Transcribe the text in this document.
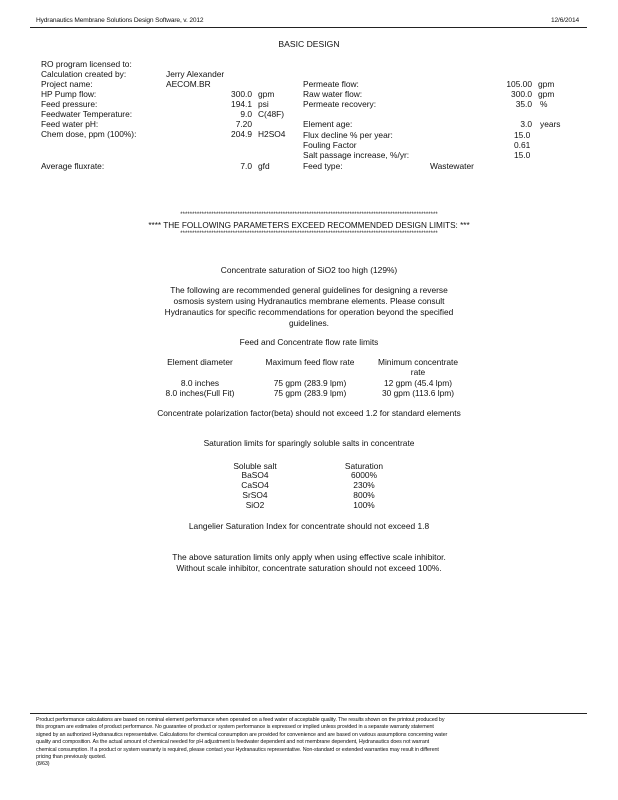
Hydranautics Membrane Solutions Design Software, v. 2012	12/6/2014
BASIC DESIGN
RO program licensed to:
Calculation created by:	Jerry Alexander
Project name:	AECOM.BR
HP Pump flow:	300.0 gpm
Feed pressure:	194.1 psi
Feedwater Temperature:	9.0 C(48F)
Feed water pH:	7.20
Chem dose, ppm (100%):	204.9 H2SO4
Average fluxrate:	7.0 gfd
Permeate flow:	105.00 gpm
Raw water flow:	300.0 gpm
Permeate recovery:	35.0 %
Element age:	3.0 years
Flux decline % per year:	15.0
Fouling Factor	0.61
Salt passage increase, %/yr:	15.0
Feed type:	Wastewater
************************************************************************************************************
**** THE FOLLOWING PARAMETERS EXCEED RECOMMENDED DESIGN LIMITS: ***
************************************************************************************************************
Concentrate saturation of SiO2 too high (129%)
The following are recommended general guidelines for designing a reverse
osmosis system using Hydranautics membrane elements. Please consult
Hydranautics for specific recommendations for operation beyond the specified
guidelines.
Feed and Concentrate flow rate limits
Element diameter	Maximum feed flow rate	Minimum concentrate
rate
8.0 inches	75 gpm (283.9 lpm)	12 gpm (45.4 lpm)
8.0 inches(Full Fit)	75 gpm (283.9 lpm)	30 gpm (113.6 lpm)
Concentrate polarization factor(beta) should not exceed 1.2 for standard elements
Saturation limits for sparingly soluble salts in concentrate
Soluble salt	Saturation
BaSO4	6000%
CaSO4	230%
SrSO4	800%
SiO2	100%
Langelier Saturation Index for concentrate should not exceed 1.8
The above saturation limits only apply when using effective scale inhibitor.
Without scale inhibitor, concentrate saturation should not exceed 100%.
Product performance calculations are based on nominal element performance when operated on a feed water of acceptable quality. The results shown on the printout produced by
this program are estimates of product performance. No guarantee of product or system performance is expressed or implied unless provided in a separate warranty statement
signed by an authorized Hydranautics representative. Calculations for chemical consumption are provided for convenience and are based on various assumptions concerning water
quality and composition. As the actual amount of chemical needed for pH adjustment is feedwater dependent and not membrane dependent, Hydranautics does not warrant
chemical consumption. If a product or system warranty is required, please contact your Hydranautics representative. Non-standard or extended warranties may result in different
pricing than previously quoted.
(8/63)
